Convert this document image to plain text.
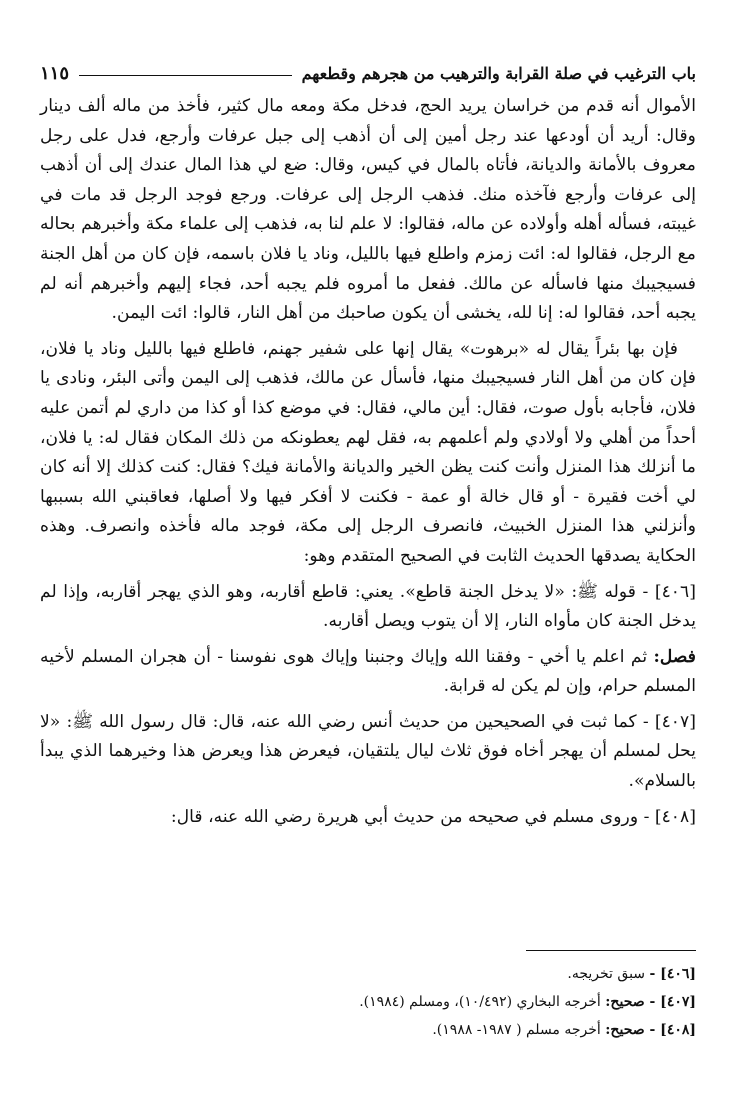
باب الترغيب في صلة القرابة والترهيب من هجرهم وقطعهم
١١٥

الأموال أنه قدم من خراسان يريد الحج، فدخل مكة ومعه مال كثير، فأخذ من ماله ألف دينار وقال: أريد أن أودعها عند رجل أمين إلى أن أذهب إلى جبل عرفات وأرجع، فدل على رجل معروف بالأمانة والديانة، فأتاه بالمال في كيس، وقال: ضع لي هذا المال عندك إلى أن أذهب إلى عرفات وأرجع فآخذه منك. فذهب الرجل إلى عرفات. ورجع فوجد الرجل قد مات في غيبته، فسأله أهله وأولاده عن ماله، فقالوا: لا علم لنا به، فذهب إلى علماء مكة وأخبرهم بحاله مع الرجل، فقالوا له: ائت زمزم واطلع فيها بالليل، وناد يا فلان باسمه، فإن كان من أهل الجنة فسيجيبك منها فاسأله عن مالك. ففعل ما أمروه فلم يجبه أحد، فجاء إليهم وأخبرهم أنه لم يجبه أحد، فقالوا له: إنا لله، يخشى أن يكون صاحبك من أهل النار، قالوا: ائت اليمن.

فإن بها بئراً يقال له «برهوت» يقال إنها على شفير جهنم، فاطلع فيها بالليل وناد يا فلان، فإن كان من أهل النار فسيجيبك منها، فأسأل عن مالك، فذهب إلى اليمن وأتى البئر، ونادى يا فلان، فأجابه بأول صوت، فقال: أين مالي، فقال: في موضع كذا أو كذا من داري لم أتمن عليه أحداً من أهلي ولا أولادي ولم أعلمهم به، فقل لهم يعطونكه من ذلك المكان فقال له: يا فلان، ما أنزلك هذا المنزل وأنت كنت يظن الخير والديانة والأمانة فيك؟ فقال: كنت كذلك إلا أنه كان لي أخت فقيرة - أو قال خالة أو عمة - فكنت لا أفكر فيها ولا أصلها، فعاقبني الله بسببها وأنزلني هذا المنزل الخبيث، فانصرف الرجل إلى مكة، فوجد ماله فأخذه وانصرف. وهذه الحكاية يصدقها الحديث الثابت في الصحيح المتقدم وهو:

[٤٠٦] - قوله ﷺ: «لا يدخل الجنة قاطع». يعني: قاطع أقاربه، وهو الذي يهجر أقاربه، وإذا لم يدخل الجنة كان مأواه النار، إلا أن يتوب ويصل أقاربه.

فصل: ثم اعلم يا أخي - وفقنا الله وإياك وجنبنا وإياك هوى نفوسنا - أن هجران المسلم لأخيه المسلم حرام، وإن لم يكن له قرابة.

[٤٠٧] - كما ثبت في الصحيحين من حديث أنس رضي الله عنه، قال: قال رسول الله ﷺ: «لا يحل لمسلم أن يهجر أخاه فوق ثلاث ليال يلتقيان، فيعرض هذا ويعرض هذا وخيرهما الذي يبدأ بالسلام».

[٤٠٨] - وروى مسلم في صحيحه من حديث أبي هريرة رضي الله عنه، قال:

[٤٠٦] - سبق تخريجه.
[٤٠٧] - صحيح: أخرجه البخاري (١٠/٤٩٢)، ومسلم (١٩٨٤).
[٤٠٨] - صحيح: أخرجه مسلم ( ١٩٨٧- ١٩٨٨).
